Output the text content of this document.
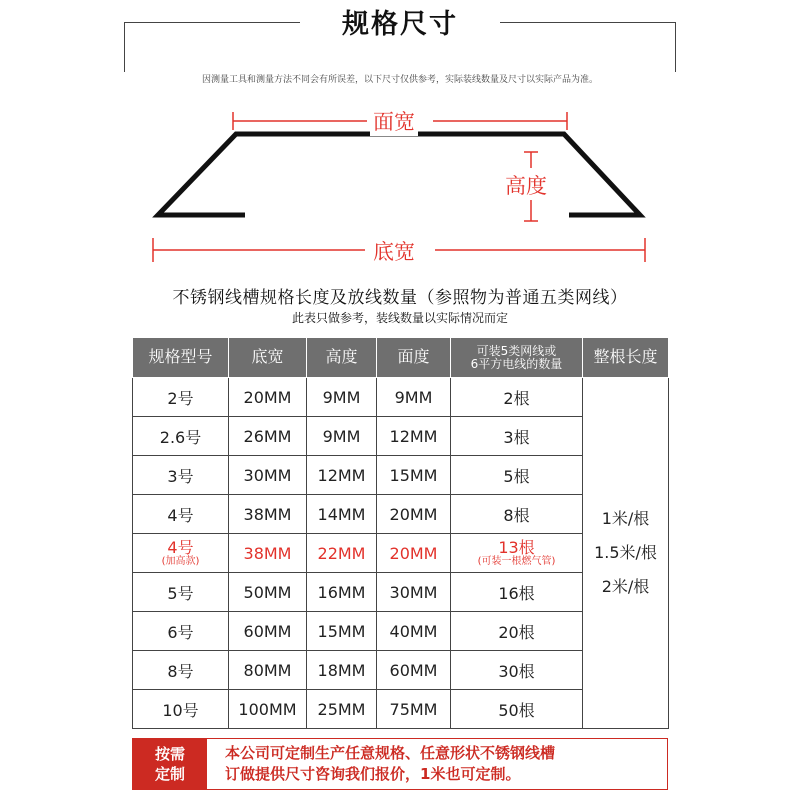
规格尺寸
因测量工具和测量方法不同会有所误差，以下尺寸仅供参考，实际装线数量及尺寸以实际产品为准。
面宽
高度
底宽
不锈钢线槽规格长度及放线数量（参照物为普通五类网线）
此表只做参考，装线数量以实际情况而定
规格型号	底宽	高度	面度	可装5类网线或
6平方电线的数量	整根长度
2号	20MM	9MM	9MM	2根	1米/根
1.5米/根
2米/根

2.6号	26MM	9MM	12MM	3根	
3号	30MM	12MM	15MM	5根	
4号	38MM	14MM	20MM	8根	

4号
(加高款)	38MM	22MM	20MM	13根
(可装一根燃气管)	

5号	50MM	16MM	30MM	16根	
6号	60MM	15MM	40MM	20根	
8号	80MM	18MM	60MM	30根	
10号	100MM	25MM	75MM	50根	
按需
定制
本公司可定制生产任意规格、任意形状不锈钢线槽
订做提供尺寸咨询我们报价，1米也可定制。
